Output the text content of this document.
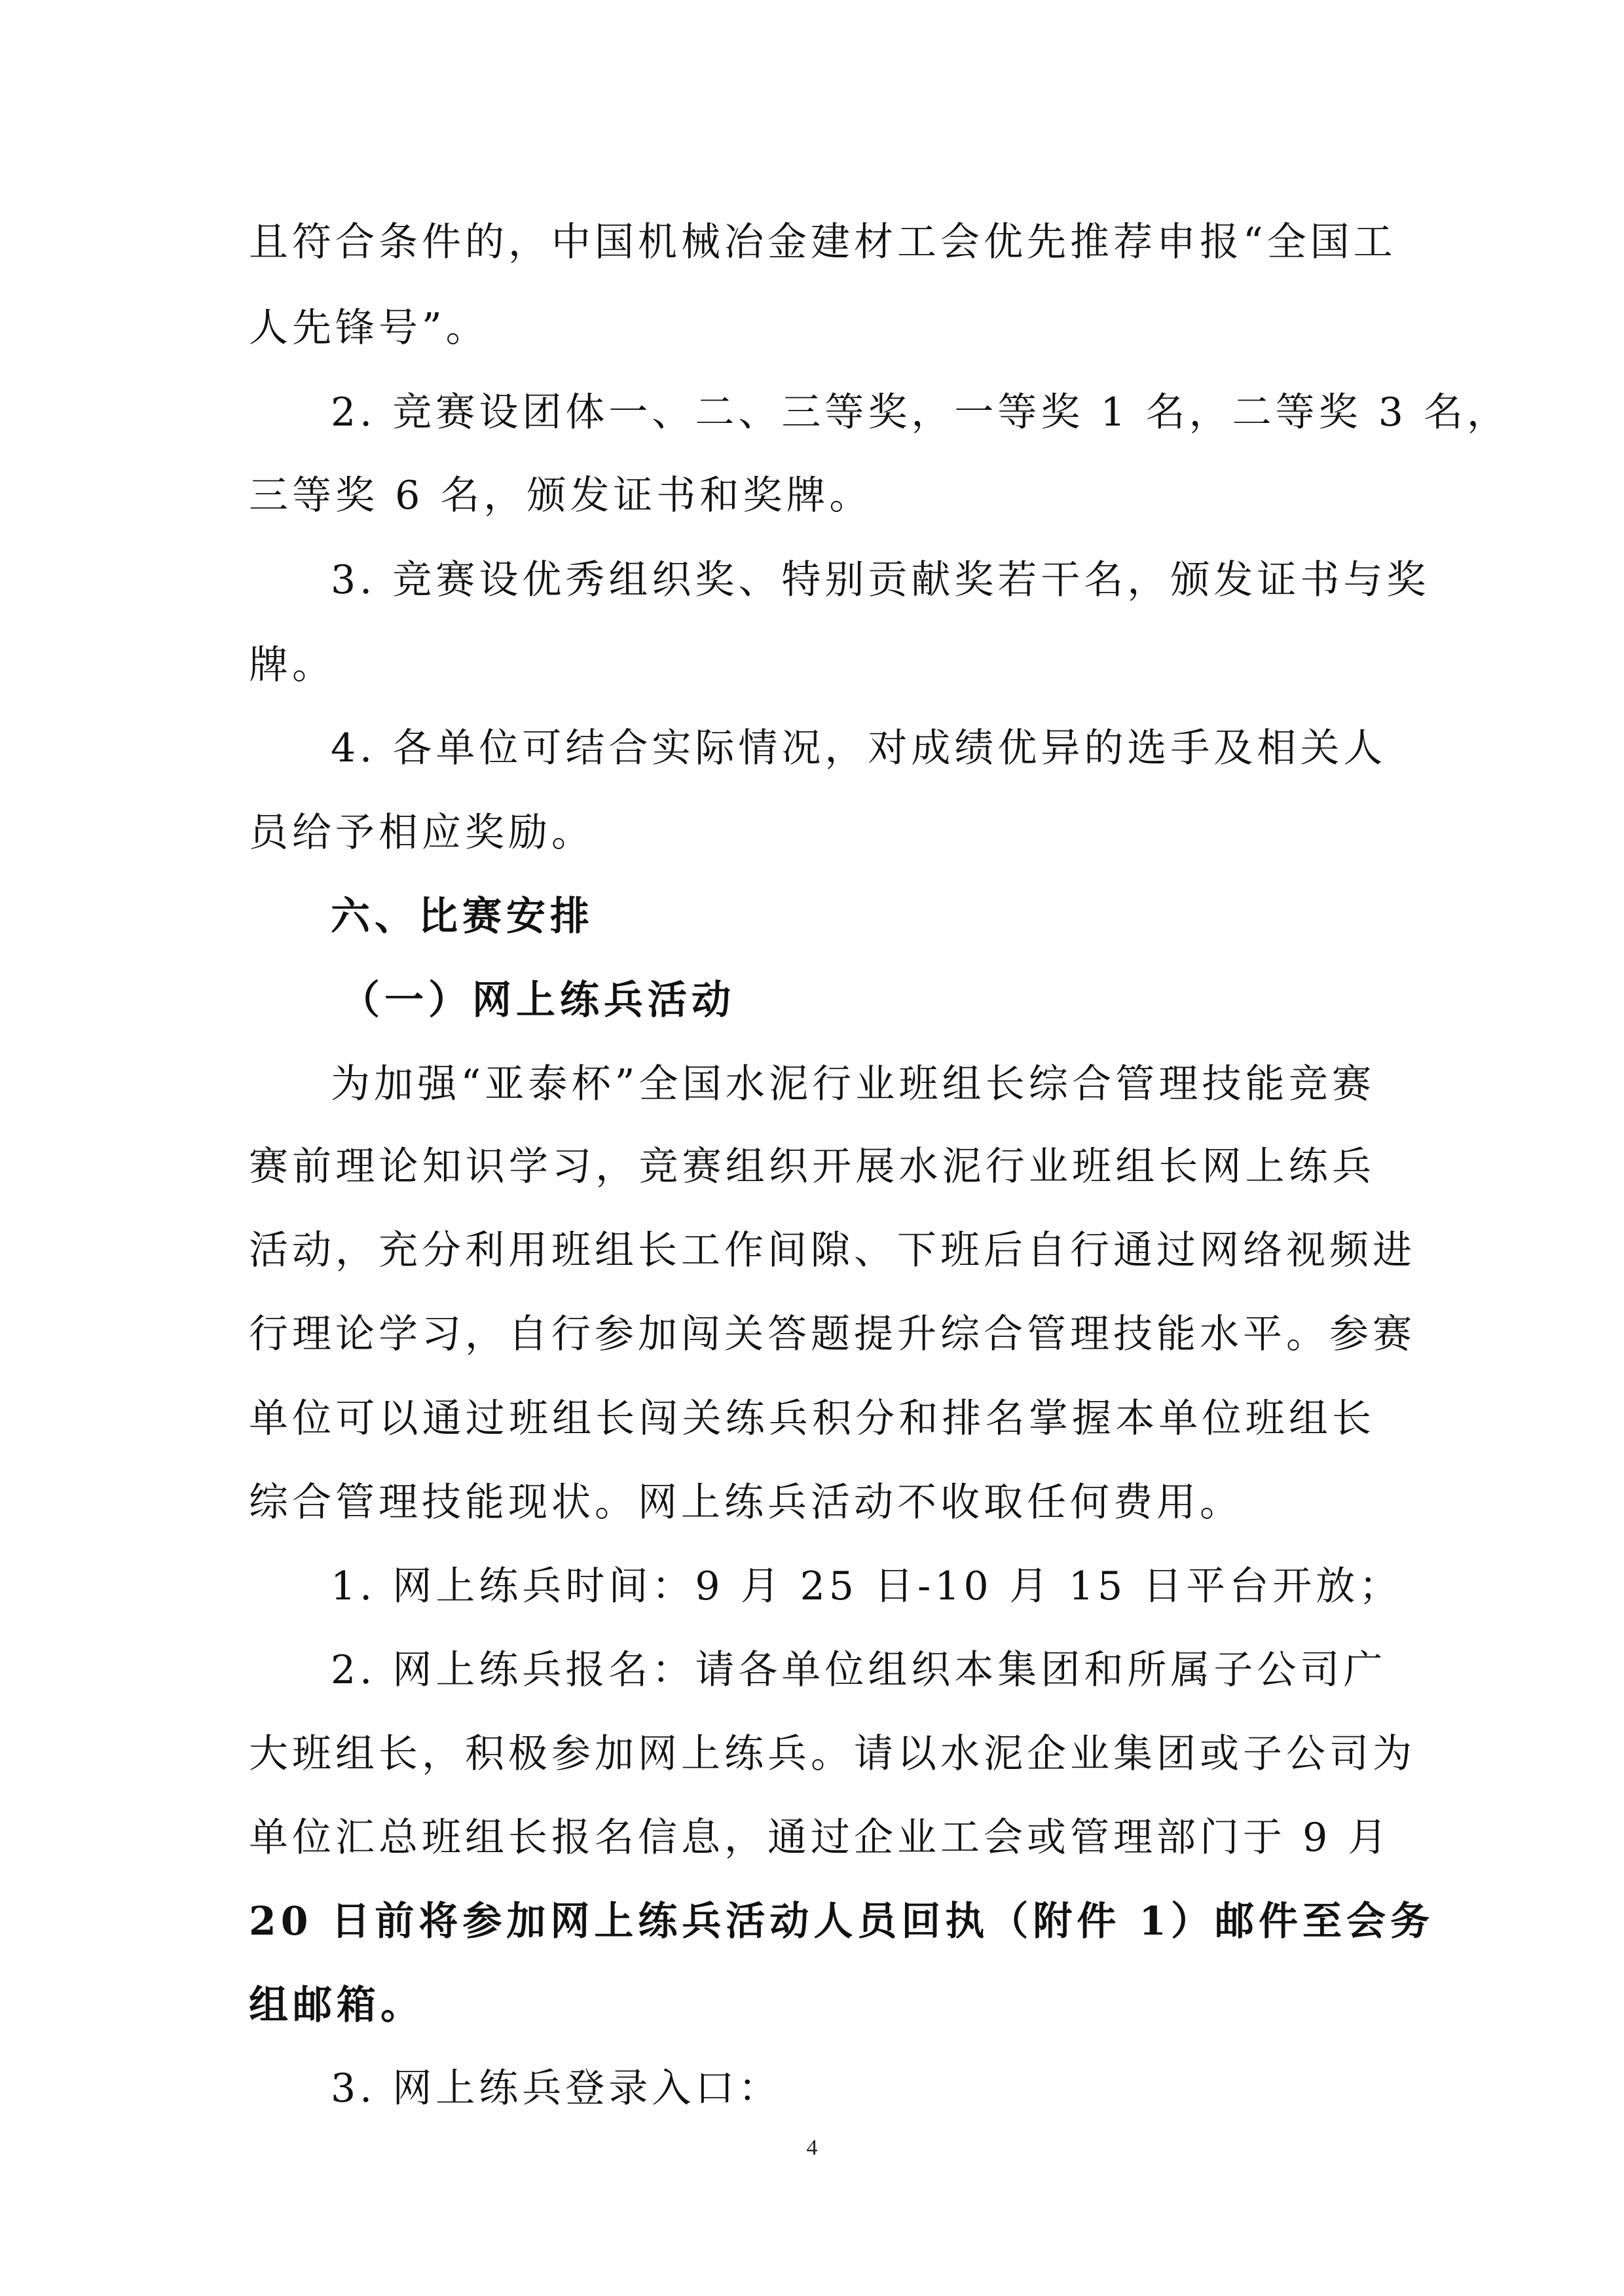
且符合条件的，中国机械冶金建材工会优先推荐申报“全国工
人先锋号”。
2. 竞赛设团体一、二、三等奖，一等奖 1 名，二等奖 3 名，
三等奖 6 名，颁发证书和奖牌。
3. 竞赛设优秀组织奖、特别贡献奖若干名，颁发证书与奖
牌。
4. 各单位可结合实际情况，对成绩优异的选手及相关人
员给予相应奖励。
六、比赛安排
（一）网上练兵活动
为加强“亚泰杯”全国水泥行业班组长综合管理技能竞赛
赛前理论知识学习，竞赛组织开展水泥行业班组长网上练兵
活动，充分利用班组长工作间隙、下班后自行通过网络视频进
行理论学习，自行参加闯关答题提升综合管理技能水平。参赛
单位可以通过班组长闯关练兵积分和排名掌握本单位班组长
综合管理技能现状。网上练兵活动不收取任何费用。
1. 网上练兵时间：9 月 25 日-10 月 15 日平台开放；
2. 网上练兵报名：请各单位组织本集团和所属子公司广
大班组长，积极参加网上练兵。请以水泥企业集团或子公司为
单位汇总班组长报名信息，通过企业工会或管理部门于 9 月
20 日前将参加网上练兵活动人员回执（附件 1）邮件至会务
组邮箱。
3. 网上练兵登录入口：
4
